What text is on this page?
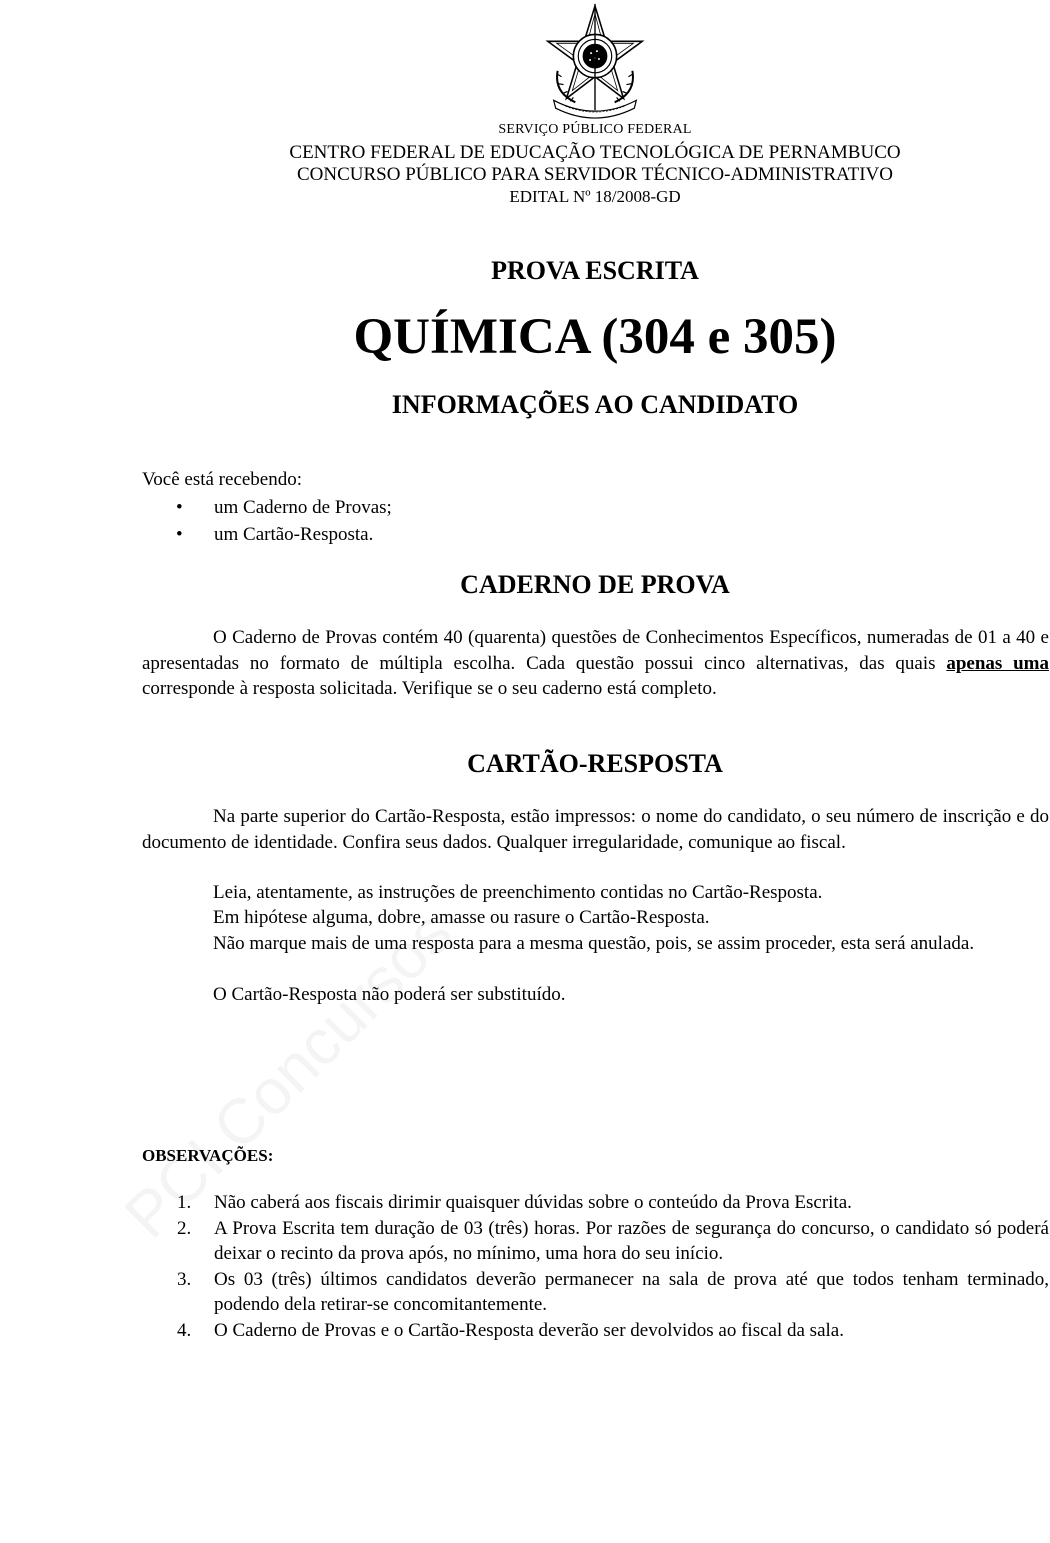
SERVIÇO PÚBLICO FEDERAL
CENTRO FEDERAL DE EDUCAÇÃO TECNOLÓGICA DE PERNAMBUCO
CONCURSO PÚBLICO PARA SERVIDOR TÉCNICO-ADMINISTRATIVO
EDITAL Nº 18/2008-GD
PROVA ESCRITA
QUÍMICA (304 e 305)
INFORMAÇÕES AO CANDIDATO
Você está recebendo:
• um Caderno de Provas;
• um Cartão-Resposta.
CADERNO DE PROVA
O Caderno de Provas contém 40 (quarenta) questões de Conhecimentos Específicos, numeradas de 01 a 40 e apresentadas no formato de múltipla escolha. Cada questão possui cinco alternativas, das quais apenas uma corresponde à resposta solicitada. Verifique se o seu caderno está completo.
CARTÃO-RESPOSTA
Na parte superior do Cartão-Resposta, estão impressos: o nome do candidato, o seu número de inscrição e do documento de identidade. Confira seus dados. Qualquer irregularidade, comunique ao fiscal.
Leia, atentamente, as instruções de preenchimento contidas no Cartão-Resposta.
Em hipótese alguma, dobre, amasse ou rasure o Cartão-Resposta.
Não marque mais de uma resposta para a mesma questão, pois, se assim proceder, esta será anulada.
O Cartão-Resposta não poderá ser substituído.
OBSERVAÇÕES:
1. Não caberá aos fiscais dirimir quaisquer dúvidas sobre o conteúdo da Prova Escrita.
2. A Prova Escrita tem duração de 03 (três) horas. Por razões de segurança do concurso, o candidato só poderá deixar o recinto da prova após, no mínimo, uma hora do seu início.
3. Os 03 (três) últimos candidatos deverão permanecer na sala de prova até que todos tenham terminado, podendo dela retirar-se concomitantemente.
4. O Caderno de Provas e o Cartão-Resposta deverão ser devolvidos ao fiscal da sala.
